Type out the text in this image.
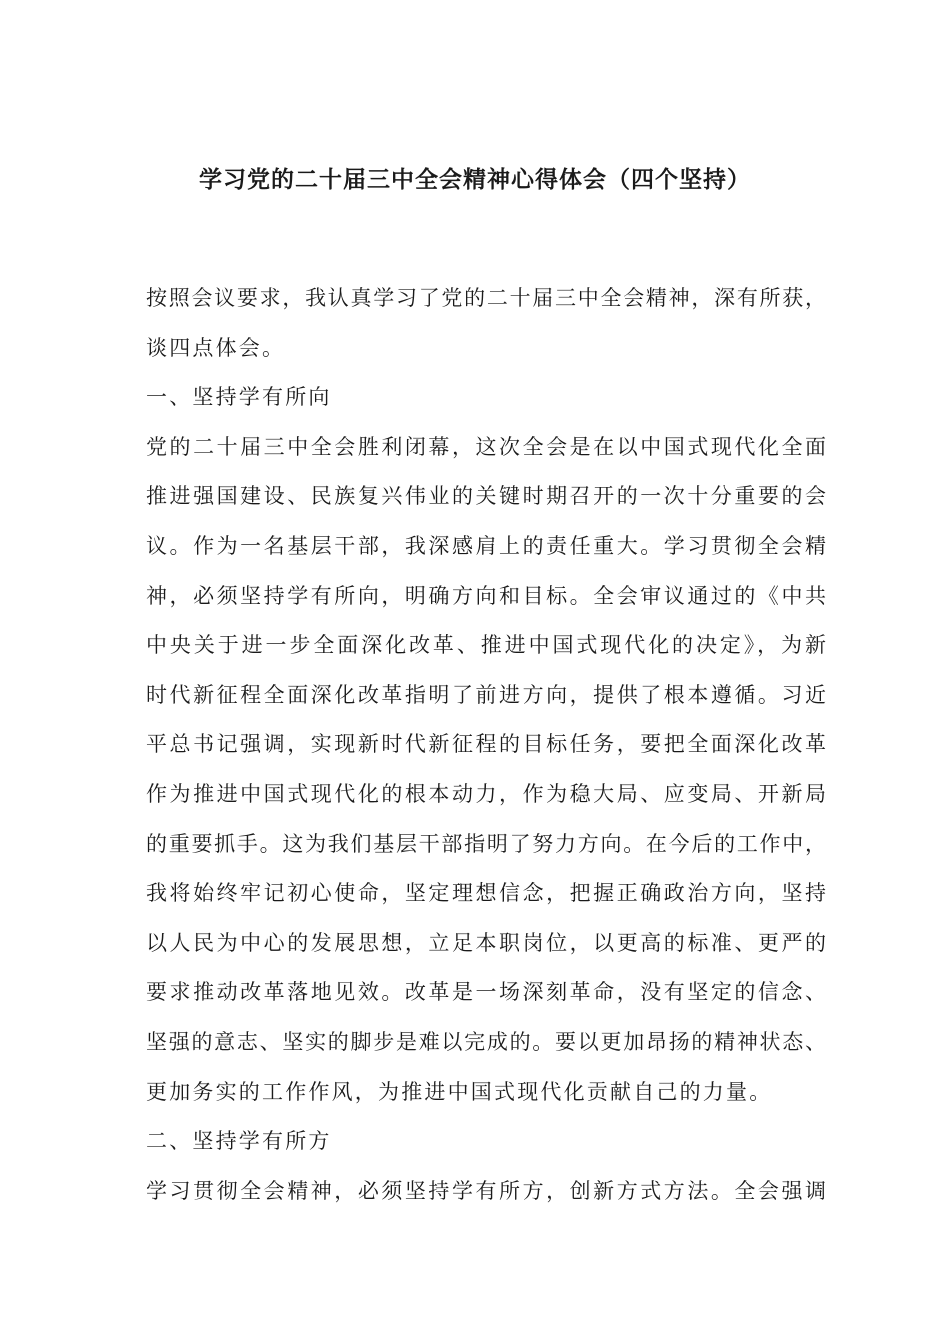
学习党的二十届三中全会精神心得体会（四个坚持）
按照会议要求，我认真学习了党的二十届三中全会精神，深有所获，
谈四点体会。
一、坚持学有所向
党的二十届三中全会胜利闭幕，这次全会是在以中国式现代化全面
推进强国建设、民族复兴伟业的关键时期召开的一次十分重要的会
议。作为一名基层干部，我深感肩上的责任重大。学习贯彻全会精
神，必须坚持学有所向，明确方向和目标。全会审议通过的《中共
中央关于进一步全面深化改革、推进中国式现代化的决定》，为新
时代新征程全面深化改革指明了前进方向，提供了根本遵循。习近
平总书记强调，实现新时代新征程的目标任务，要把全面深化改革
作为推进中国式现代化的根本动力，作为稳大局、应变局、开新局
的重要抓手。这为我们基层干部指明了努力方向。在今后的工作中，
我将始终牢记初心使命，坚定理想信念，把握正确政治方向，坚持
以人民为中心的发展思想，立足本职岗位，以更高的标准、更严的
要求推动改革落地见效。改革是一场深刻革命，没有坚定的信念、
坚强的意志、坚实的脚步是难以完成的。要以更加昂扬的精神状态、
更加务实的工作作风，为推进中国式现代化贡献自己的力量。
二、坚持学有所方
学习贯彻全会精神，必须坚持学有所方，创新方式方法。全会强调
